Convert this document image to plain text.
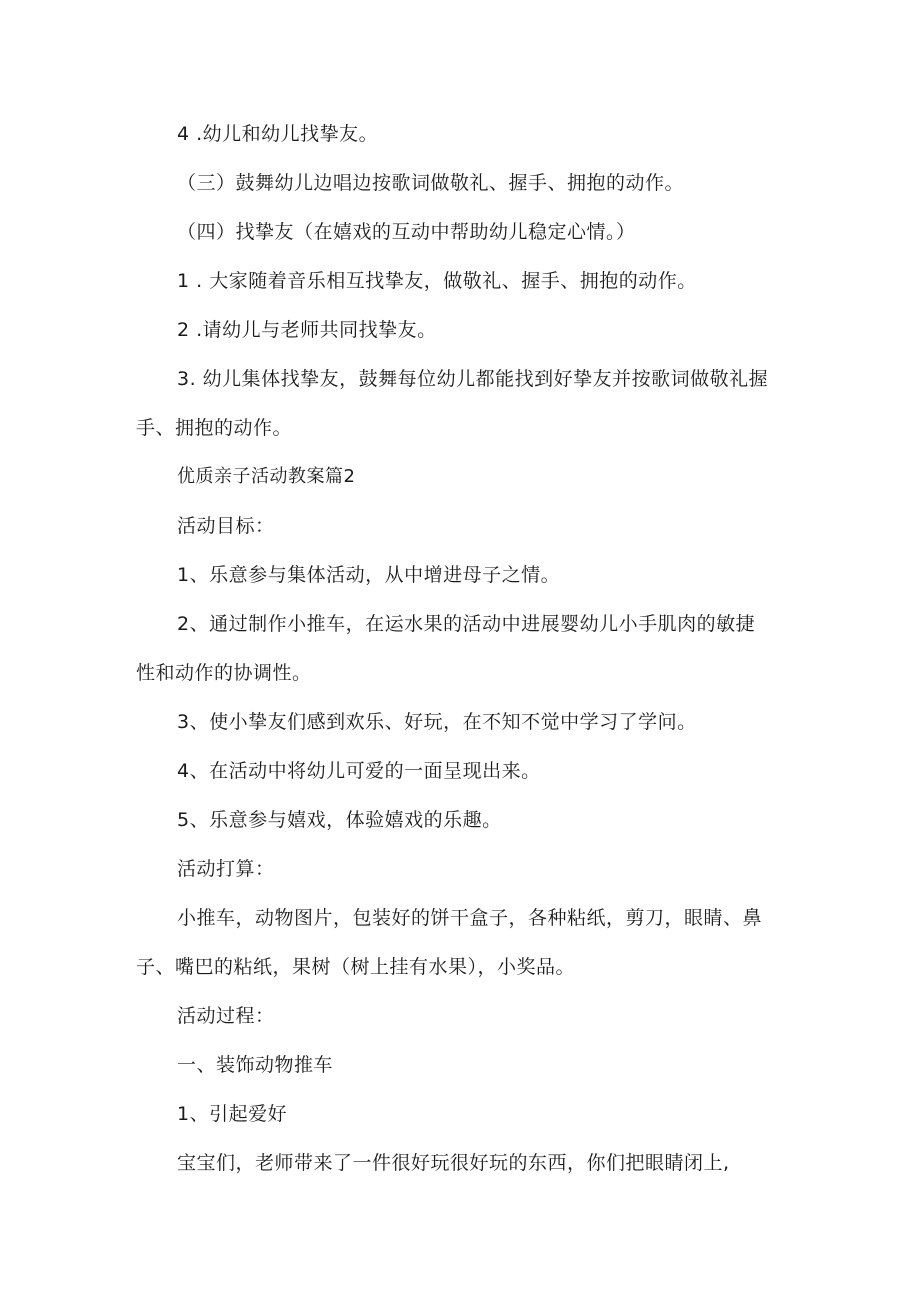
4 .幼儿和幼儿找挚友。
（三）鼓舞幼儿边唱边按歌词做敬礼、握手、拥抱的动作。
（四）找挚友（在嬉戏的互动中帮助幼儿稳定心情。）
1 . 大家随着音乐相互找挚友，做敬礼、握手、拥抱的动作。
2 .请幼儿与老师共同找挚友。
3. 幼儿集体找挚友，鼓舞每位幼儿都能找到好挚友并按歌词做敬礼握
手、拥抱的动作。
优质亲子活动教案篇2
活动目标：
1、乐意参与集体活动，从中增进母子之情。
2、通过制作小推车，在运水果的活动中进展婴幼儿小手肌肉的敏捷
性和动作的协调性。
3、使小挚友们感到欢乐、好玩，在不知不觉中学习了学问。
4、在活动中将幼儿可爱的一面呈现出来。
5、乐意参与嬉戏，体验嬉戏的乐趣。
活动打算：
小推车，动物图片，包装好的饼干盒子，各种粘纸，剪刀，眼睛、鼻
子、嘴巴的粘纸，果树（树上挂有水果），小奖品。
活动过程：
一、装饰动物推车
1、引起爱好
宝宝们，老师带来了一件很好玩很好玩的东西，你们把眼睛闭上,
